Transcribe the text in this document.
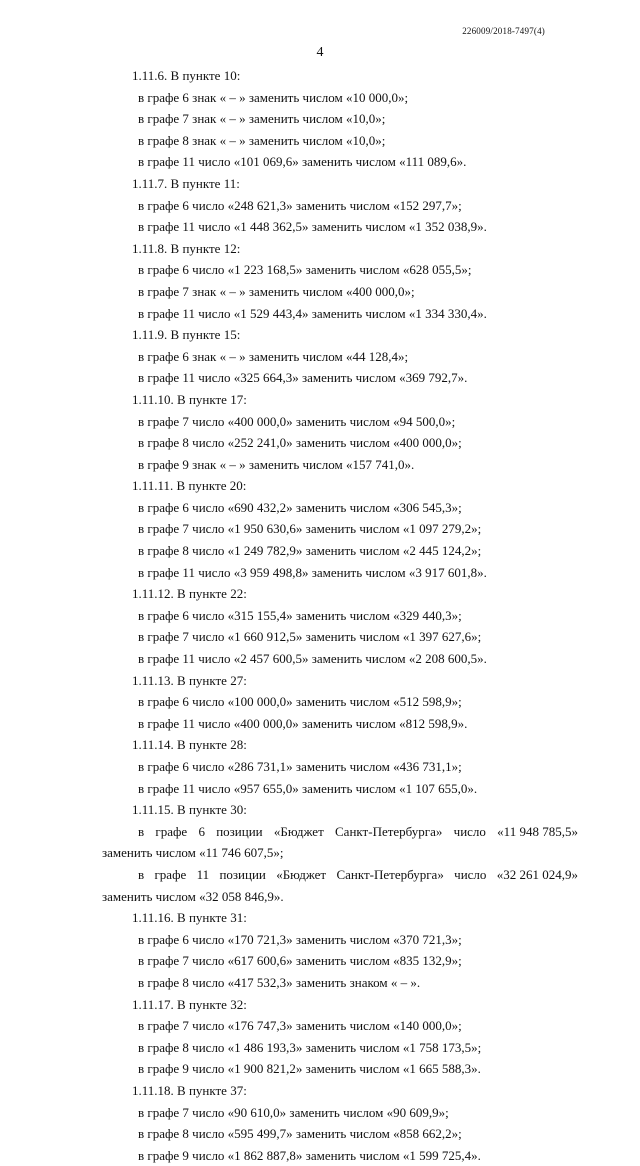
226009/2018-7497(4)
4
1.11.6. В пункте 10:
в графе 6 знак « – » заменить числом «10 000,0»;
в графе 7 знак « – » заменить числом «10,0»;
в графе 8 знак « – » заменить числом «10,0»;
в графе 11 число «101 069,6» заменить числом «111 089,6».
1.11.7. В пункте 11:
в графе 6 число «248 621,3» заменить числом «152 297,7»;
в графе 11 число «1 448 362,5» заменить числом «1 352 038,9».
1.11.8. В пункте 12:
в графе 6 число «1 223 168,5» заменить числом «628 055,5»;
в графе 7 знак « – » заменить числом «400 000,0»;
в графе 11 число «1 529 443,4» заменить числом «1 334 330,4».
1.11.9. В пункте 15:
в графе 6 знак « – » заменить числом «44 128,4»;
в графе 11 число «325 664,3» заменить числом «369 792,7».
1.11.10. В пункте 17:
в графе 7 число «400 000,0» заменить числом «94 500,0»;
в графе 8 число «252 241,0» заменить числом «400 000,0»;
в графе 9 знак « – » заменить числом «157 741,0».
1.11.11. В пункте 20:
в графе 6 число «690 432,2» заменить числом «306 545,3»;
в графе 7 число «1 950 630,6» заменить числом «1 097 279,2»;
в графе 8 число «1 249 782,9» заменить числом «2 445 124,2»;
в графе 11 число «3 959 498,8» заменить числом «3 917 601,8».
1.11.12. В пункте 22:
в графе 6 число «315 155,4» заменить числом «329 440,3»;
в графе 7 число «1 660 912,5» заменить числом «1 397 627,6»;
в графе 11 число «2 457 600,5» заменить числом «2 208 600,5».
1.11.13. В пункте 27:
в графе 6 число «100 000,0» заменить числом «512 598,9»;
в графе 11 число «400 000,0» заменить числом «812 598,9».
1.11.14. В пункте 28:
в графе 6 число «286 731,1» заменить числом «436 731,1»;
в графе 11 число «957 655,0» заменить числом «1 107 655,0».
1.11.15. В пункте 30:
в графе 6 позиции «Бюджет Санкт-Петербурга» число «11 948 785,5»
заменить числом «11 746 607,5»;
в графе 11 позиции «Бюджет Санкт-Петербурга» число «32 261 024,9»
заменить числом «32 058 846,9».
1.11.16. В пункте 31:
в графе 6 число «170 721,3» заменить числом «370 721,3»;
в графе 7 число «617 600,6» заменить числом «835 132,9»;
в графе 8 число «417 532,3» заменить знаком « – ».
1.11.17. В пункте 32:
в графе 7 число «176 747,3» заменить числом «140 000,0»;
в графе 8 число «1 486 193,3» заменить числом «1 758 173,5»;
в графе 9 число «1 900 821,2» заменить числом «1 665 588,3».
1.11.18. В пункте 37:
в графе 7 число «90 610,0» заменить числом «90 609,9»;
в графе 8 число «595 499,7» заменить числом «858 662,2»;
в графе 9 число «1 862 887,8» заменить числом «1 599 725,4».
